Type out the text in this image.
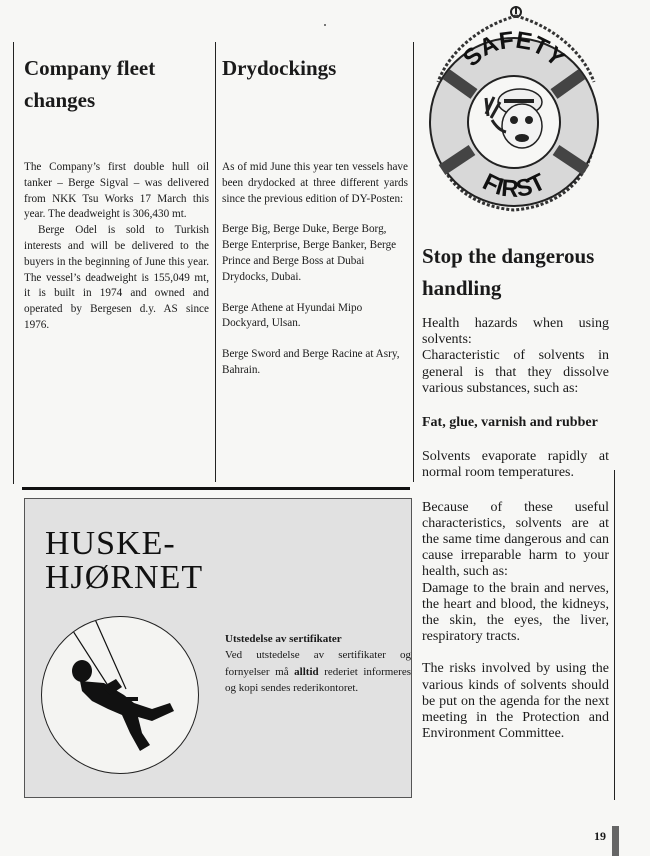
Company fleet
changes

The Company’s first double hull oil tanker – Berge Sigval – was delivered from NKK Tsu Works 17 March this year. The deadweight is 306,430 mt.

Berge Odel is sold to Turkish interests and will be delivered to the buyers in the beginning of June this year. The vessel’s deadweight is 155,049 mt, it is built in 1974 and owned and operated by Bergesen d.y. AS since 1976.

Drydockings

As of mid June this year ten vessels have been drydocked at three different yards since the previous edition of DY-Posten:

Berge Big, Berge Duke, Berge Borg, Berge Enterprise, Berge Banker, Berge Prince and Berge Boss at Dubai Drydocks, Dubai.

Berge Athene at Hyundai Mipo Dockyard, Ulsan.

Berge Sword and Berge Racine at Asry, Bahrain.

SAFETY
FIRST
Stop the dangerous
handling

Health hazards when using solvents:

Characteristic of solvents in general is that they dissolve various substances, such as:

Fat, glue, varnish and rubber

Solvents evaporate rapidly at normal room temperatures.

Because of these useful characteristics, solvents are at the same time dangerous and can cause irreparable harm to your health, such as:

Damage to the brain and nerves, the heart and blood, the kidneys, the skin, the eyes, the liver, respiratory tracts.

The risks involved by using the various kinds of solvents should be put on the agenda for the next meeting in the Protection and Environment Committee.

HUSKE-
HJØRNET

Utstedelse av sertifikater

Ved utstedelse av sertifikater og fornyelser må alltid rederiet informeres og kopi sendes rederikontoret.

19
